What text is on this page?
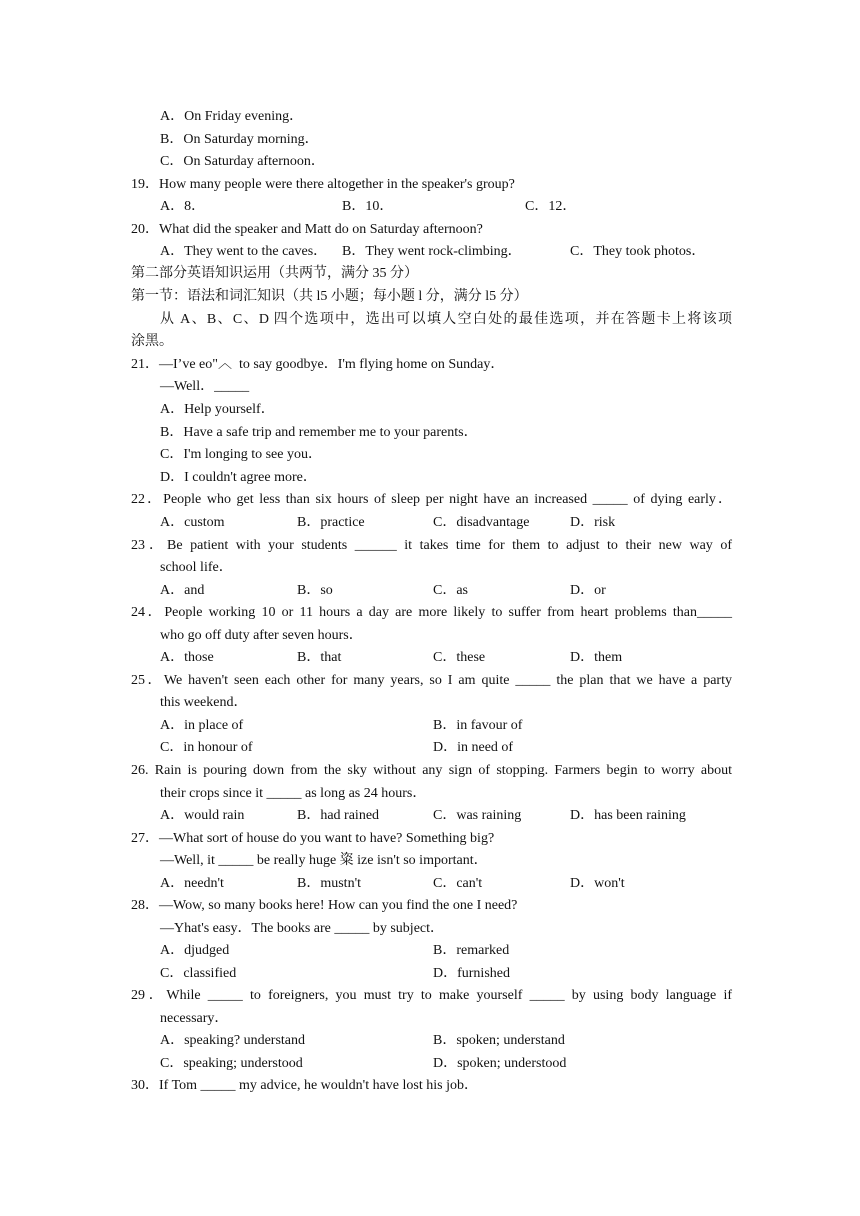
A．On Friday evening．
B．On Saturday morning．
C．On Saturday afternoon．
19．How many people were there altogether in the speaker's group?
A．8．	B．10．	C．12．
20．What did the speaker and Matt do on Saturday afternoon?
A．They went to the caves． B．They went rock-climbing．	C．They took photos．
第二部分英语知识运用（共两节，满分 35 分）
第一节：语法和词汇知识（共 l5 小题；每小题 l 分，满分 l5 分）
从 A、B、C、D 四个选项中，选出可以填人空白处的最佳选项，并在答题卡上将该项
涂黑。
21．—I’ve eo"︿  to say goodbye．I'm flying home on Sunday．
—Well．_____
A．Help yourself．
B．Have a safe trip and remember me to your parents．
C．I'm longing to see you．
D．I couldn't agree more．
22．People who get less than six hours of sleep per night have an increased _____ of dying early．
A．custom	B．practice	C．disadvantage	D．risk
23．Be patient with your students ______ it takes time for them to adjust to their new way of
school life．
A．and	B．so	C．as	D．or
24．People working 10 or 11 hours a day are more likely to suffer from heart problems than_____
who go off duty after seven hours．
A．those	B．that	C．these	D．them
25．We haven't seen each other for many years, so I am quite _____ the plan that we have a party
this weekend．
A．in place of	B．in favour of
C．in honour of	D．in need of
26. Rain is pouring down from the sky without any sign of stopping. Farmers begin to worry about
their crops since it _____ as long as 24 hours．
A．would rain	B．had rained	C．was raining	D．has been raining
27．—What sort of house do you want to have? Something big?
—Well, it _____ be really huge 粢 ize isn't so important．
A．needn't	B．mustn't	C．can't	D．won't
28．—Wow, so many books here! How can you find the one I need?
—Yhat's easy．The books are _____ by subject．
A．djudged	B．remarked
C．classified	D．furnished
29．While _____ to foreigners, you must try to make yourself _____ by using body language if
necessary．
A．speaking? understand	B．spoken; understand
C．speaking; understood	D．spoken; understood
30．If Tom _____ my advice, he wouldn't have lost his job．
